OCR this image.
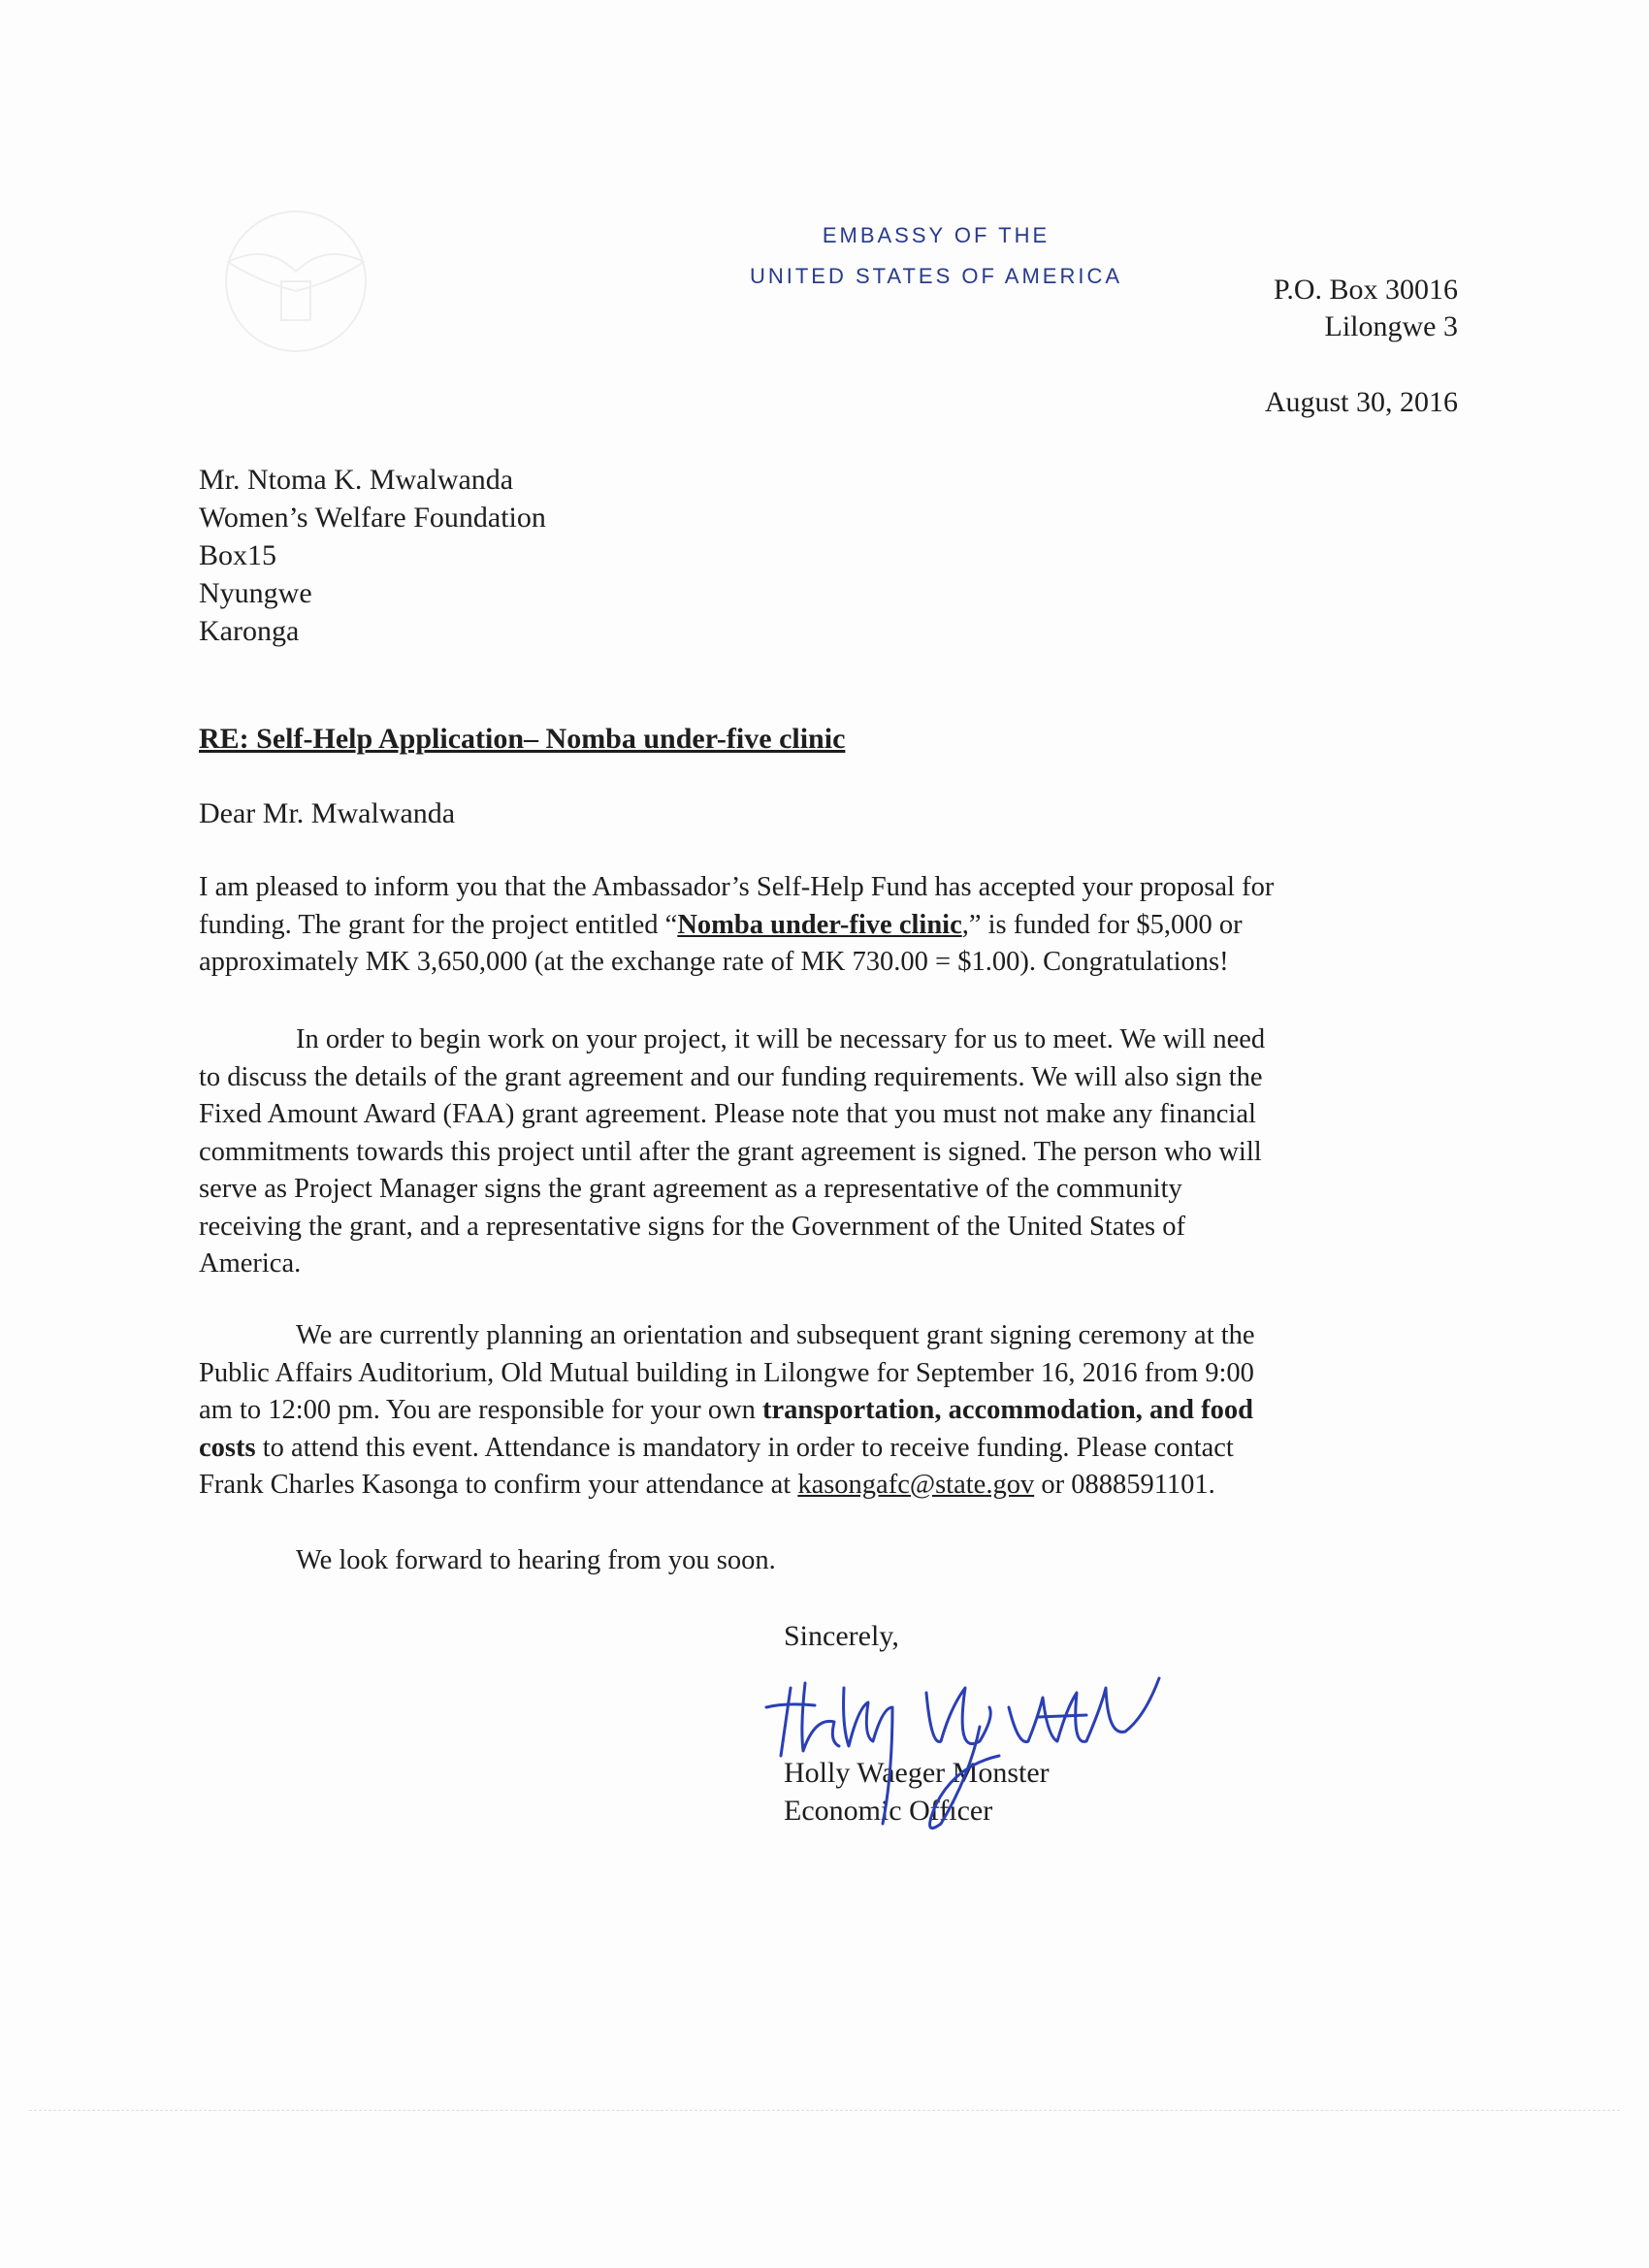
EMBASSY OF THE
UNITED STATES OF AMERICA	P.O. Box 30016
Lilongwe 3
August 30, 2016
Mr. Ntoma K. Mwalwanda
Women’s Welfare Foundation
Box15
Nyungwe
Karonga
RE: Self-Help Application– Nomba under-five clinic
Dear Mr. Mwalwanda
I am pleased to inform you that the Ambassador’s Self-Help Fund has accepted your proposal for
funding. The grant for the project entitled “Nomba under-five clinic,” is funded for $5,000 or
approximately MK 3,650,000 (at the exchange rate of MK 730.00 = $1.00). Congratulations!
In order to begin work on your project, it will be necessary for us to meet. We will need
to discuss the details of the grant agreement and our funding requirements. We will also sign the
Fixed Amount Award (FAA) grant agreement. Please note that you must not make any financial
commitments towards this project until after the grant agreement is signed. The person who will
serve as Project Manager signs the grant agreement as a representative of the community
receiving the grant, and a representative signs for the Government of the United States of
America.
We are currently planning an orientation and subsequent grant signing ceremony at the
Public Affairs Auditorium, Old Mutual building in Lilongwe for September 16, 2016 from 9:00
am to 12:00 pm. You are responsible for your own transportation, accommodation, and food
costs to attend this event. Attendance is mandatory in order to receive funding. Please contact
Frank Charles Kasonga to confirm your attendance at kasongafc@state.gov or 0888591101.
We look forward to hearing from you soon.
Sincerely,
Holly Waeger Monster
Economic Officer
